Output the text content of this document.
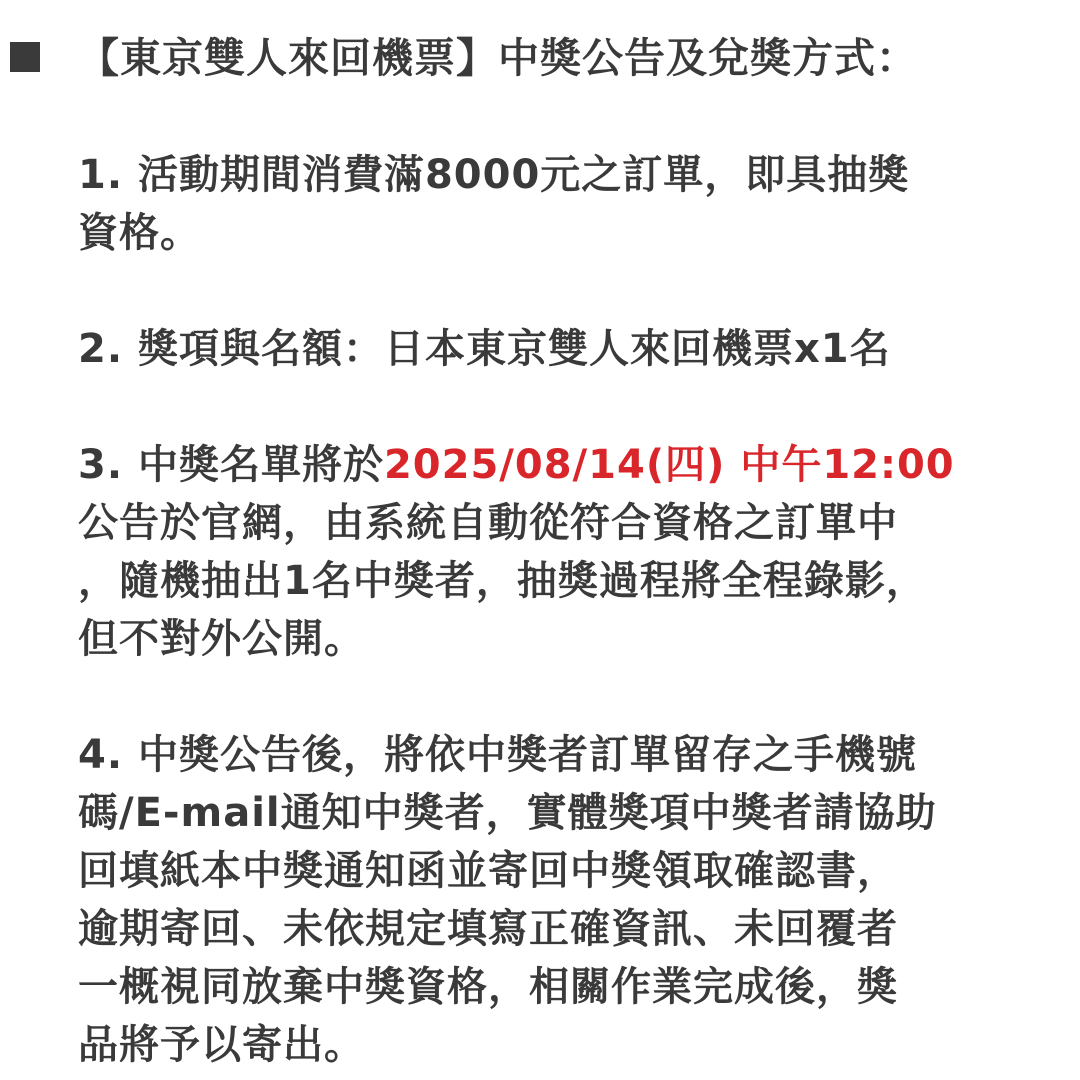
【東京雙人來回機票】中獎公告及兌獎方式：
1. 活動期間消費滿8000元之訂單，即具抽獎
資格。
2. 獎項與名額：日本東京雙人來回機票x1名
3. 中獎名單將於2025/08/14(四) 中午12:00
公告於官網，由系統自動從符合資格之訂單中
，隨機抽出1名中獎者，抽獎過程將全程錄影，
但不對外公開。
4. 中獎公告後，將依中獎者訂單留存之手機號
碼/E-mail通知中獎者，實體獎項中獎者請協助
回填紙本中獎通知函並寄回中獎領取確認書，
逾期寄回、未依規定填寫正確資訊、未回覆者
一概視同放棄中獎資格，相關作業完成後，獎
品將予以寄出。
